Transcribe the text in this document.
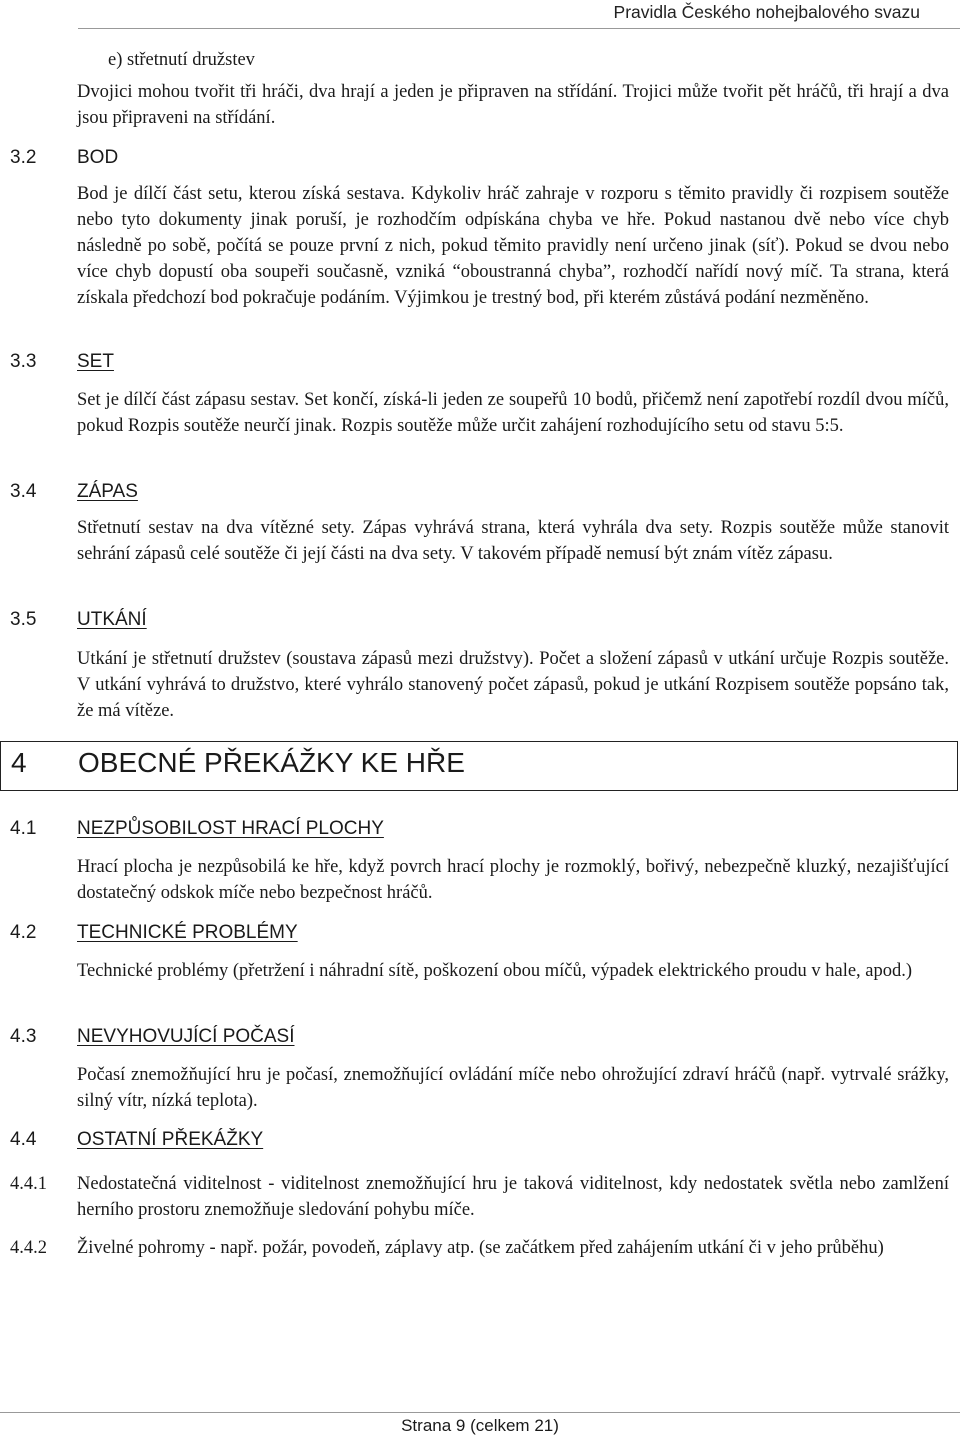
Pravidla Českého nohejbalového svazu
e) střetnutí družstev

Dvojici mohou tvořit tři hráči, dva hrají a jeden je připraven na střídání. Trojici může tvořit pět hráčů, tři hrají a dva jsou připraveni na střídání.

3.2 BOD

Bod je dílčí část setu, kterou získá sestava. Kdykoliv hráč zahraje v rozporu s těmito pravidly či rozpisem soutěže nebo tyto dokumenty jinak poruší, je rozhodčím odpískána chyba ve hře. Pokud nastanou dvě nebo více chyb následně po sobě, počítá se pouze první z nich, pokud těmito pravidly není určeno jinak (síť). Pokud se dvou nebo více chyb dopustí oba soupeři současně, vzniká “oboustranná chyba”, rozhodčí nařídí nový míč. Ta strana, která získala předchozí bod pokračuje podáním. Výjimkou je trestný bod, při kterém zůstává podání nezměněno.

3.3 SET

Set je dílčí část zápasu sestav. Set končí, získá-li jeden ze soupeřů 10 bodů, přičemž není zapotřebí rozdíl dvou míčů, pokud Rozpis soutěže neurčí jinak. Rozpis soutěže může určit zahájení rozhodujícího setu od stavu 5:5.

3.4 ZÁPAS

Střetnutí sestav na dva vítězné sety. Zápas vyhrává strana, která vyhrála dva sety. Rozpis soutěže může stanovit sehrání zápasů celé soutěže či její části na dva sety. V takovém případě nemusí být znám vítěz zápasu.

3.5 UTKÁNÍ

Utkání je střetnutí družstev (soustava zápasů mezi družstvy). Počet a složení zápasů v utkání určuje Rozpis soutěže. V utkání vyhrává to družstvo, které vyhrálo stanovený počet zápasů, pokud je utkání Rozpisem soutěže popsáno tak, že má vítěze.

4 OBECNÉ PŘEKÁŽKY KE HŘE
4.1 NEZPŮSOBILOST HRACÍ PLOCHY

Hrací plocha je nezpůsobilá ke hře, když povrch hrací plochy je rozmoklý, bořivý, nebezpečně kluzký, nezajišťující dostatečný odskok míče nebo bezpečnost hráčů.

4.2 TECHNICKÉ PROBLÉMY

Technické problémy (přetržení i náhradní sítě, poškození obou míčů, výpadek elektrického proudu v hale, apod.)

4.3 NEVYHOVUJÍCÍ POČASÍ

Počasí znemožňující hru je počasí, znemožňující ovládání míče nebo ohrožující zdraví hráčů (např. vytrvalé srážky, silný vítr, nízká teplota).

4.4 OSTATNÍ PŘEKÁŽKY
4.4.1 Nedostatečná viditelnost - viditelnost znemožňující hru je taková viditelnost, kdy nedostatek světla nebo zamlžení herního prostoru znemožňuje sledování pohybu míče.

4.4.2 Živelné pohromy - např. požár, povodeň, záplavy atp. (se začátkem před zahájením utkání či v jeho průběhu)

Strana 9 (celkem 21)
